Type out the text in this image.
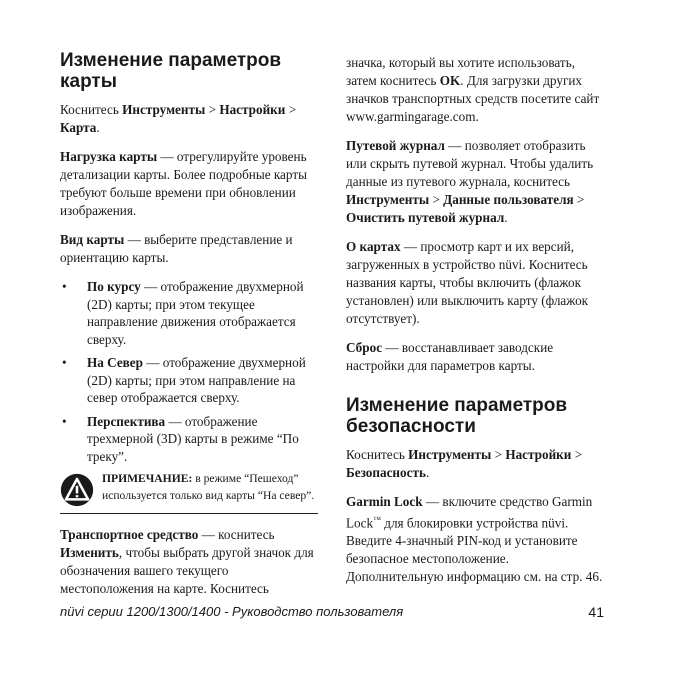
Изменение параметров карты

Коснитесь Инструменты > Настройки > Карта.

Нагрузка карты — отрегулируйте уровень детализации карты. Более подробные карты требуют больше времени при обновлении изображения.

Вид карты — выберите представление и ориентацию карты.

• По курсу — отображение двухмерной (2D) карты; при этом текущее направление движения отображается сверху.
• На Север — отображение двухмерной (2D) карты; при этом направление на север отображается сверху.
• Перспектива — отображение трехмерной (3D) карты в режиме “По треку”.
ПРИМЕЧАНИЕ: в режиме “Пешеход” используется только вид карты “На север”.

Транспортное средство — коснитесь Изменить, чтобы выбрать другой значок для обозначения вашего текущего местоположения на карте. Коснитесь

значка, который вы хотите использовать, затем коснитесь OK. Для загрузки других значков транспортных средств посетите сайт www.garmingarage.com.

Путевой журнал — позволяет отобразить или скрыть путевой журнал. Чтобы удалить данные из путевого журнала, коснитесь Инструменты > Данные пользователя > Очистить путевой журнал.

О картах — просмотр карт и их версий, загруженных в устройство nüvi. Коснитесь названия карты, чтобы включить (флажок установлен) или выключить карту (флажок отсутствует).

Сброс — восстанавливает заводские настройки для параметров карты.

Изменение параметров безопасности

Коснитесь Инструменты > Настройки > Безопасность.

Garmin Lock — включите средство Garmin Lock™ для блокировки устройства nüvi. Введите 4-значный PIN-код и установите безопасное местоположение. Дополнительную информацию см. на стр. 46.

nüvi серии 1200/1300/1400 - Руководство пользователя	41
